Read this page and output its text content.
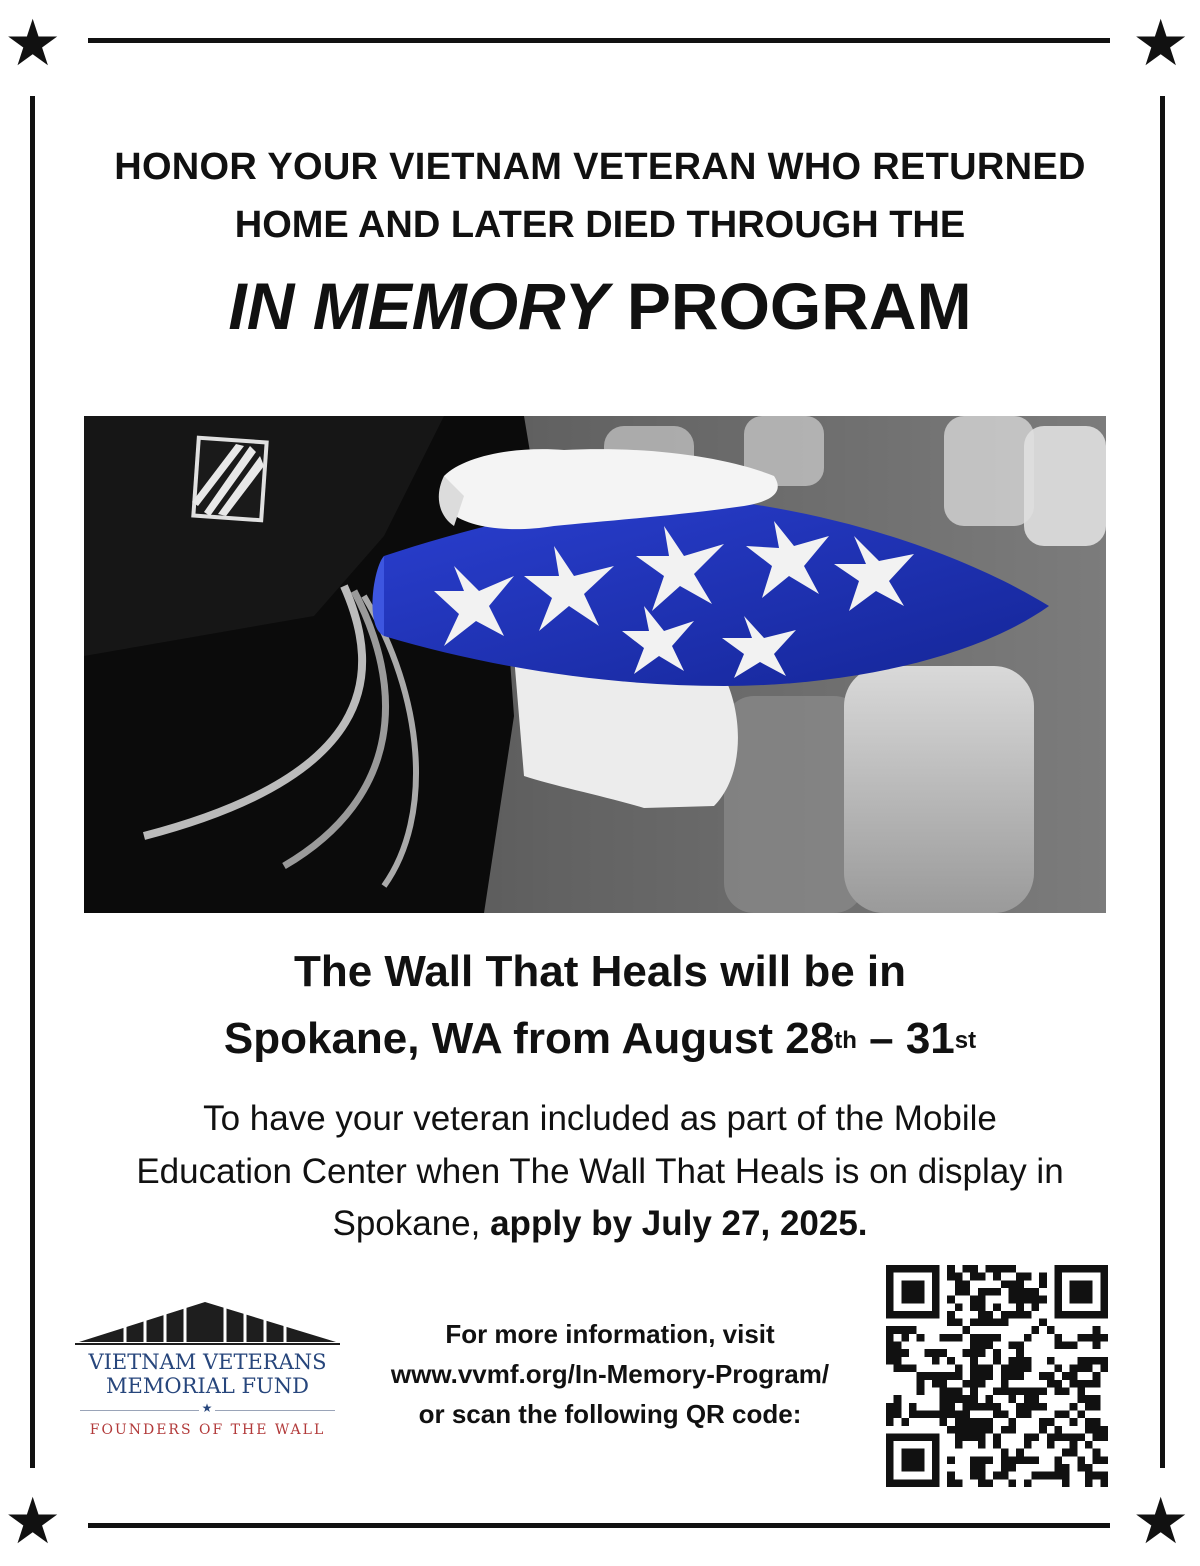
★	★
★	★
HONOR YOUR VIETNAM VETERAN WHO RETURNED
HOME AND LATER DIED THROUGH THE
IN MEMORY PROGRAM
The Wall That Heals will be in
Spokane, WA from August 28th – 31st
To have your veteran included as part of the Mobile
Education Center when The Wall That Heals is on display in
Spokane, apply by July 27, 2025.
VIETNAM VETERANS
MEMORIAL FUND
★
FOUNDERS OF THE WALL
For more information, visit
www.vvmf.org/In-Memory-Program/
or scan the following QR code:
